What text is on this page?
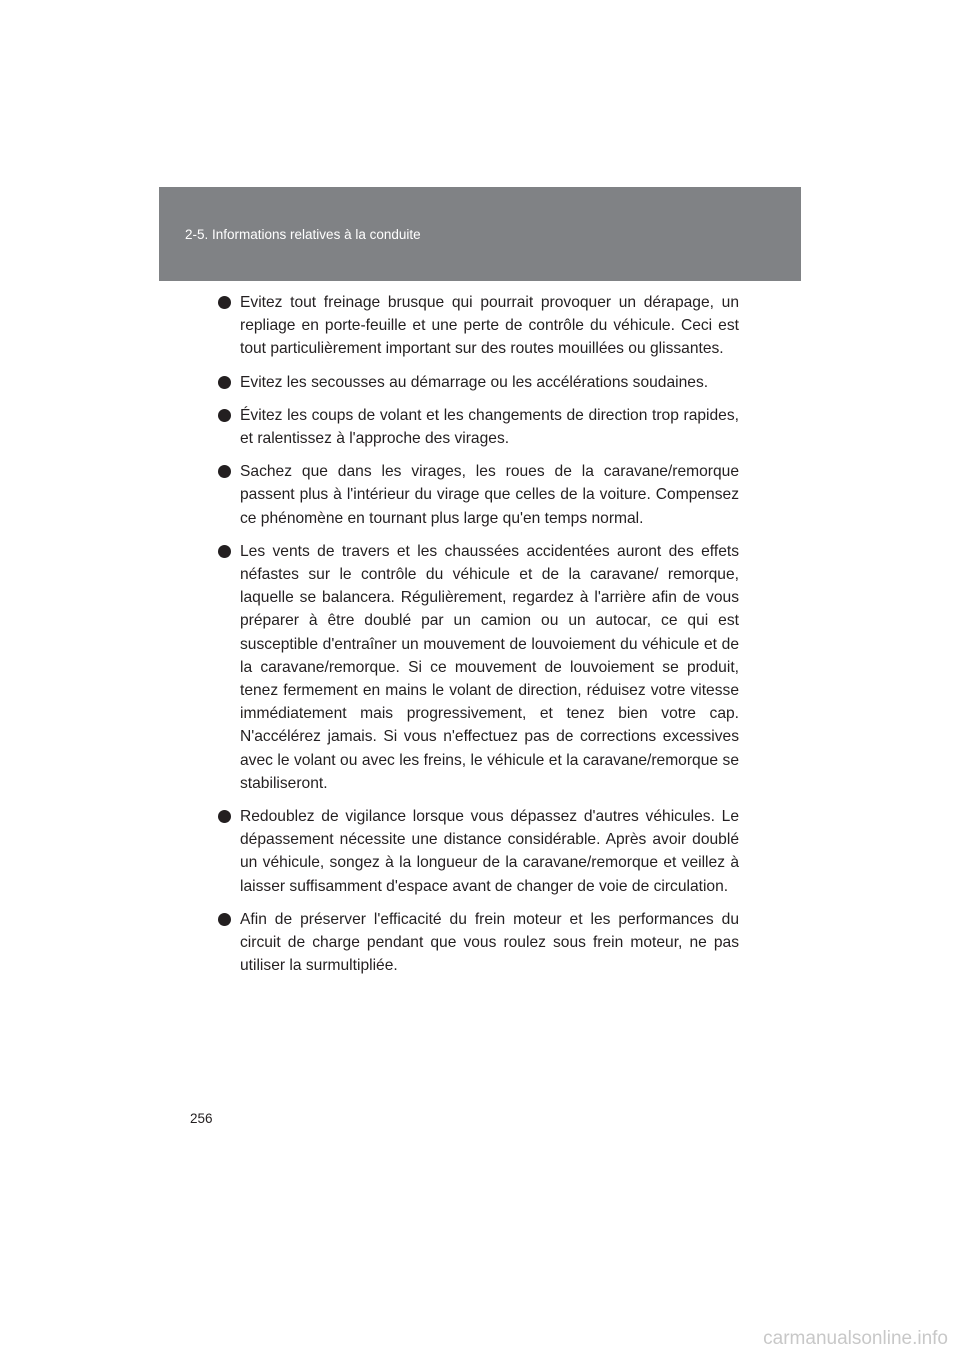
2-5. Informations relatives à la conduite
Evitez tout freinage brusque qui pourrait provoquer un dérapage, un repliage en porte-feuille et une perte de contrôle du véhicule. Ceci est tout particulièrement important sur des routes mouillées ou glissantes.
Evitez les secousses au démarrage ou les accélérations soudaines.
Évitez les coups de volant et les changements de direction trop rapides, et ralentissez à l'approche des virages.
Sachez que dans les virages, les roues de la caravane/remorque passent plus à l'intérieur du virage que celles de la voiture. Compensez ce phénomène en tournant plus large qu'en temps normal.
Les vents de travers et les chaussées accidentées auront des effets néfastes sur le contrôle du véhicule et de la caravane/ remorque, laquelle se balancera. Régulièrement, regardez à l'arrière afin de vous préparer à être doublé par un camion ou un autocar, ce qui est susceptible d'entraîner un mouvement de louvoiement du véhicule et de la caravane/remorque. Si ce mouvement de louvoiement se produit, tenez fermement en mains le volant de direction, réduisez votre vitesse immédiatement mais progressivement, et tenez bien votre cap. N'accélérez jamais. Si vous n'effectuez pas de corrections excessives avec le volant ou avec les freins, le véhicule et la caravane/remorque se stabiliseront.
Redoublez de vigilance lorsque vous dépassez d'autres véhicules. Le dépassement nécessite une distance considérable. Après avoir doublé un véhicule, songez à la longueur de la caravane/remorque et veillez à laisser suffisamment d'espace avant de changer de voie de circulation.
Afin de préserver l'efficacité du frein moteur et les performances du circuit de charge pendant que vous roulez sous frein moteur, ne pas utiliser la surmultipliée.
256
carmanualsonline.info
